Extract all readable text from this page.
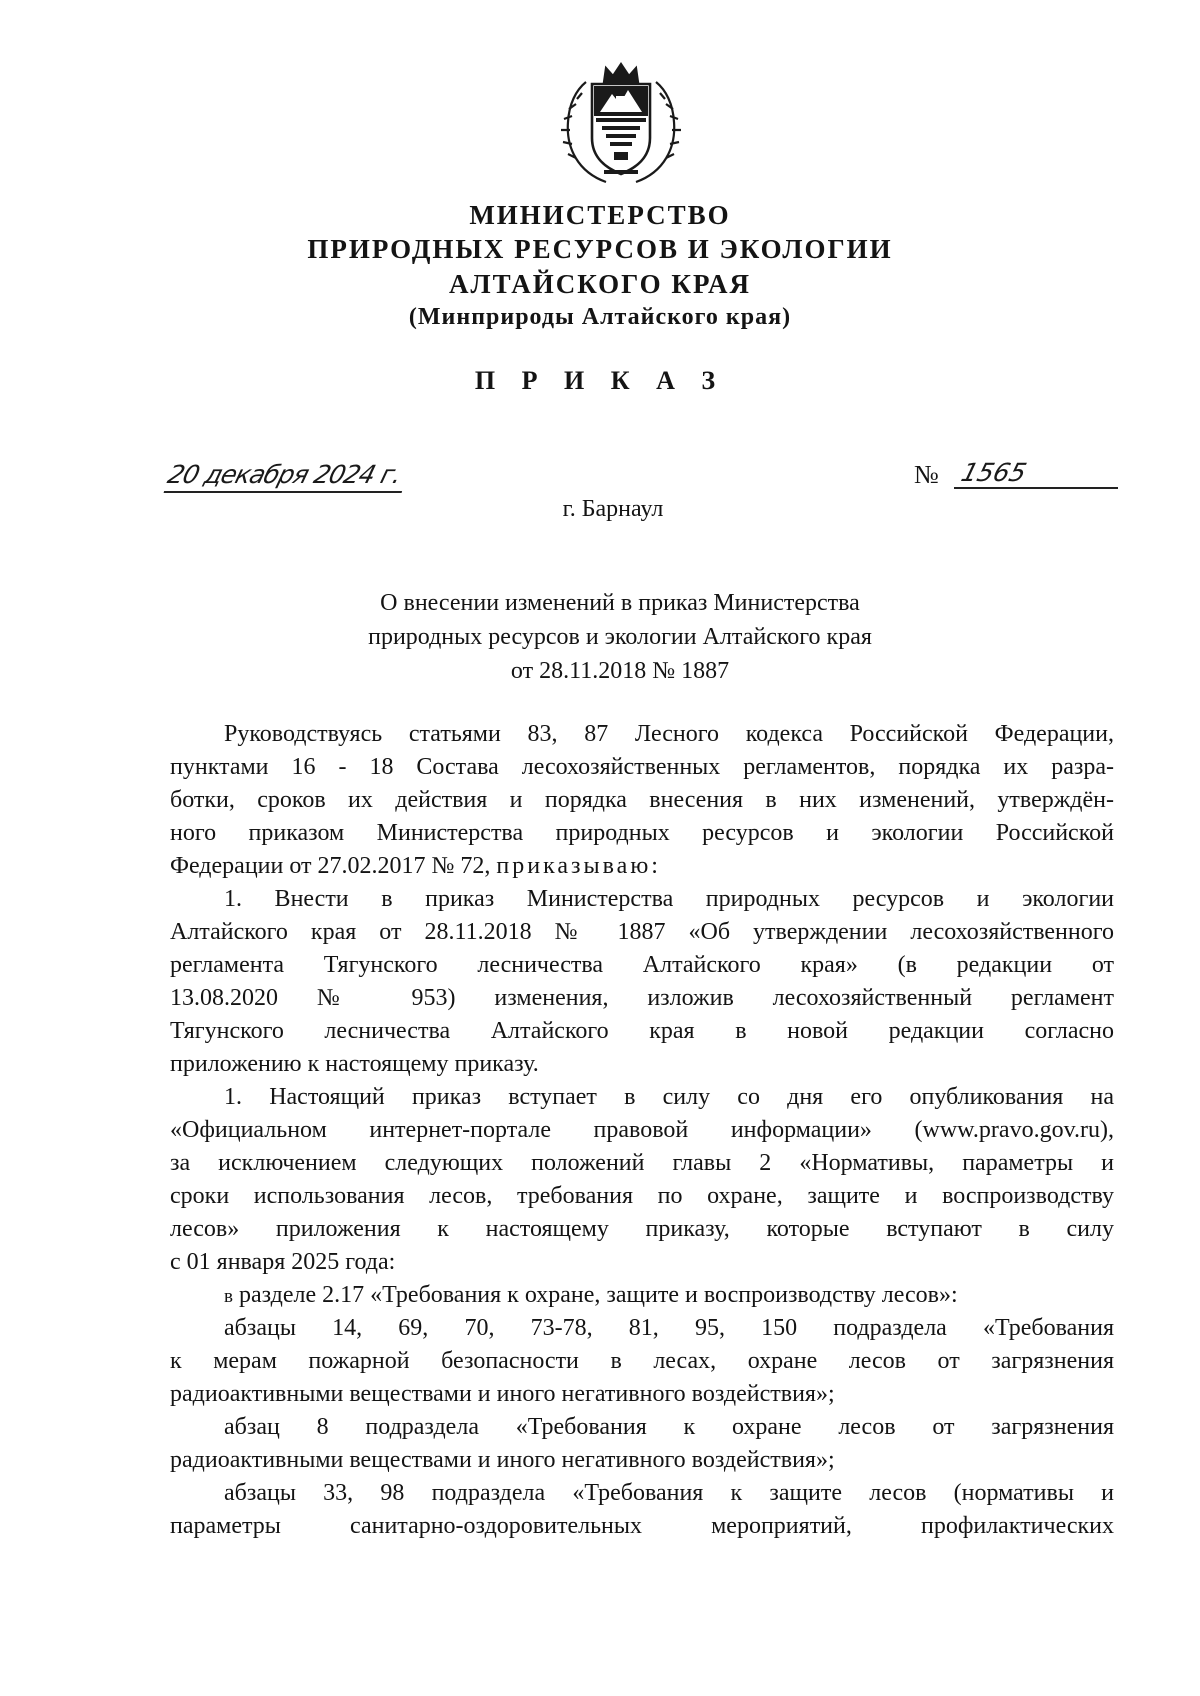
МИНИСТЕРСТВО
ПРИРОДНЫХ РЕСУРСОВ И ЭКОЛОГИИ
АЛТАЙСКОГО КРАЯ
(Минприроды Алтайского края)
П Р И К А З
20 декабря 2024 г.	№ 1565
г. Барнаул
О внесении изменений в приказ Министерства
природных ресурсов и экологии Алтайского края
от 28.11.2018 № 1887
Руководствуясь статьями 83, 87 Лесного кодекса Российской Федерации,
пунктами 16 - 18 Состава лесохозяйственных регламентов, порядка их разра-
ботки, сроков их действия и порядка внесения в них изменений, утверждён-
ного приказом Министерства природных ресурсов и экологии Российской
Федерации от 27.02.2017 № 72, приказываю:
1. Внести в приказ Министерства природных ресурсов и экологии
Алтайского края от 28.11.2018 № 1887 «Об утверждении лесохозяйственного
регламента Тягунского лесничества Алтайского края» (в редакции от
13.08.2020 № 953) изменения, изложив лесохозяйственный регламент
Тягунского лесничества Алтайского края в новой редакции согласно
приложению к настоящему приказу.
1. Настоящий приказ вступает в силу со дня его опубликования на
«Официальном интернет-портале правовой информации» (www.pravo.gov.ru),
за исключением следующих положений главы 2 «Нормативы, параметры и
сроки использования лесов, требования по охране, защите и воспроизводству
лесов» приложения к настоящему приказу, которые вступают в силу
с 01 января 2025 года:
в разделе 2.17 «Требования к охране, защите и воспроизводству лесов»:
абзацы 14, 69, 70, 73-78, 81, 95, 150 подраздела «Требования
к мерам пожарной безопасности в лесах, охране лесов от загрязнения
радиоактивными веществами и иного негативного воздействия»;
абзац 8 подраздела «Требования к охране лесов от загрязнения
радиоактивными веществами и иного негативного воздействия»;
абзацы 33, 98 подраздела «Требования к защите лесов (нормативы и
параметры санитарно-оздоровительных мероприятий, профилактических
